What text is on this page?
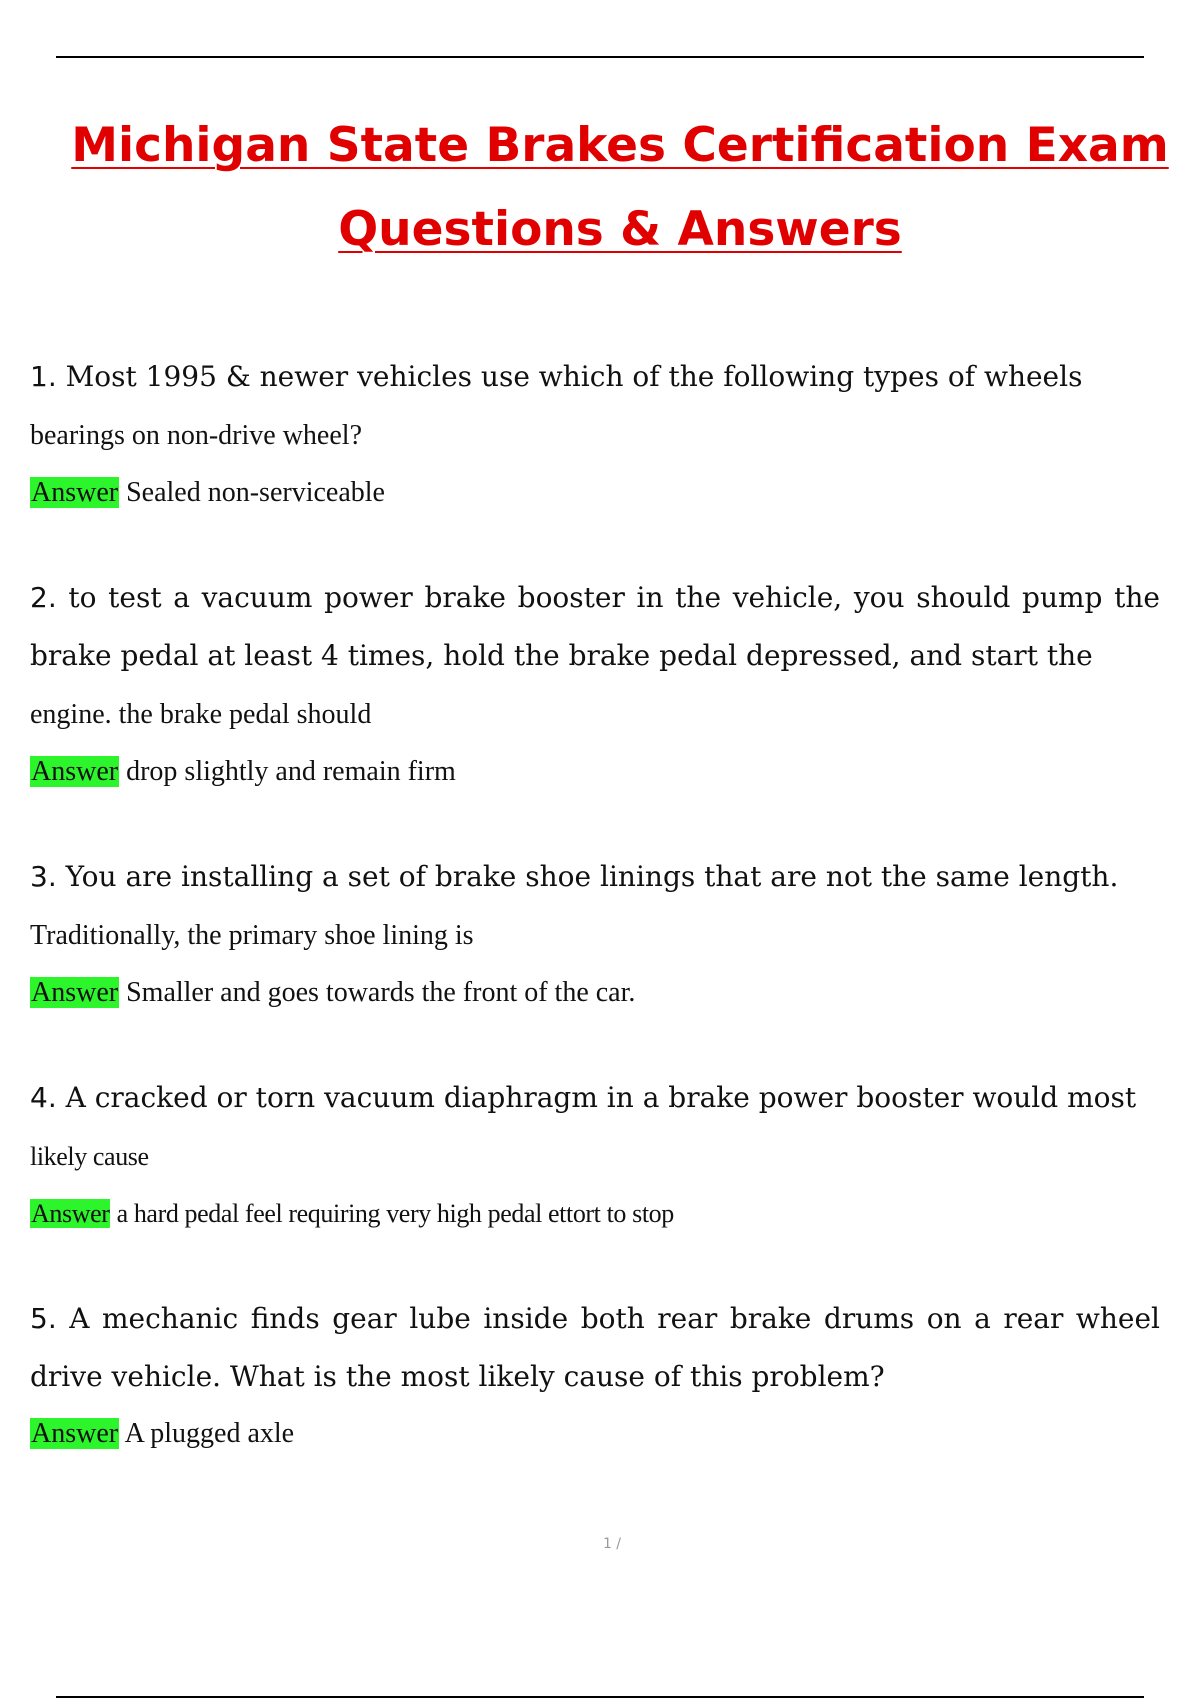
Michigan State Brakes Certification Exam
Questions & Answers

1. Most 1995 & newer vehicles use which of the following types of wheels
bearings on non-drive wheel?

Answer Sealed non-serviceable

2. to test a vacuum power brake booster in the vehicle, you should pump the brake pedal at least 4 times, hold the brake pedal depressed, and start the
engine. the brake pedal should

Answer drop slightly and remain firm

3. You are installing a set of brake shoe linings that are not the same length.
Traditionally, the primary shoe lining is

Answer Smaller and goes towards the front of the car.

4. A cracked or torn vacuum diaphragm in a brake power booster would most
likely cause

Answer a hard pedal feel requiring very high pedal ettort to stop

5. A mechanic finds gear lube inside both rear brake drums on a rear wheel drive vehicle. What is the most likely cause of this problem?

Answer A plugged axle

1 /
